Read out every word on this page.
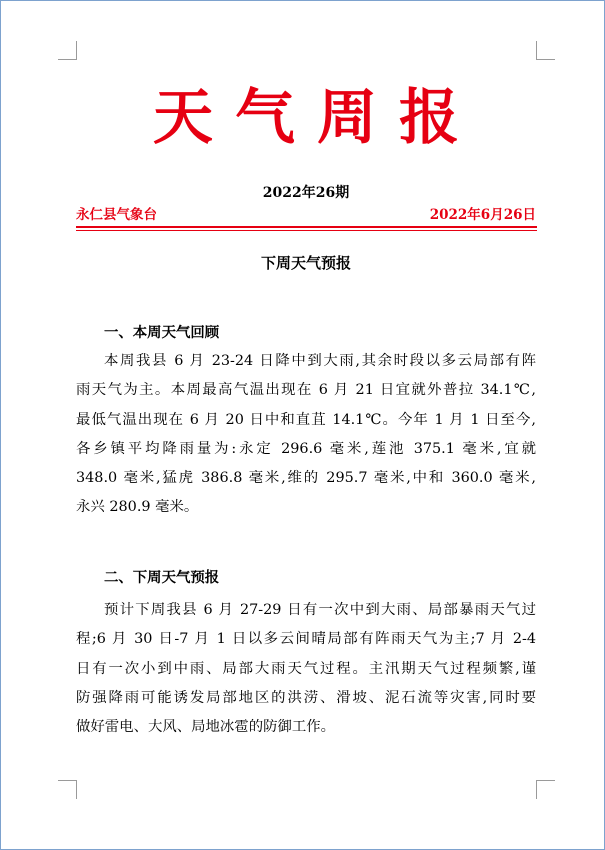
天气周报
2022年26期
永仁县气象台	2022年6月26日
下周天气预报
一、本周天气回顾
本周我县 6 月 23-24 日降中到大雨,其余时段以多云局部有阵
雨天气为主。本周最高气温出现在 6 月 21 日宜就外普拉 34.1℃,
最低气温出现在 6 月 20 日中和直苴 14.1℃。今年 1 月 1 日至今,
各乡镇平均降雨量为:永定 296.6 毫米,莲池 375.1 毫米,宜就
348.0 毫米,猛虎 386.8 毫米,维的 295.7 毫米,中和 360.0 毫米,
永兴 280.9 毫米。
二、下周天气预报
预计下周我县 6 月 27-29 日有一次中到大雨、局部暴雨天气过
程;6 月 30 日-7 月 1 日以多云间晴局部有阵雨天气为主;7 月 2-4
日有一次小到中雨、局部大雨天气过程。主汛期天气过程频繁,谨
防强降雨可能诱发局部地区的洪涝、滑坡、泥石流等灾害,同时要
做好雷电、大风、局地冰雹的防御工作。
